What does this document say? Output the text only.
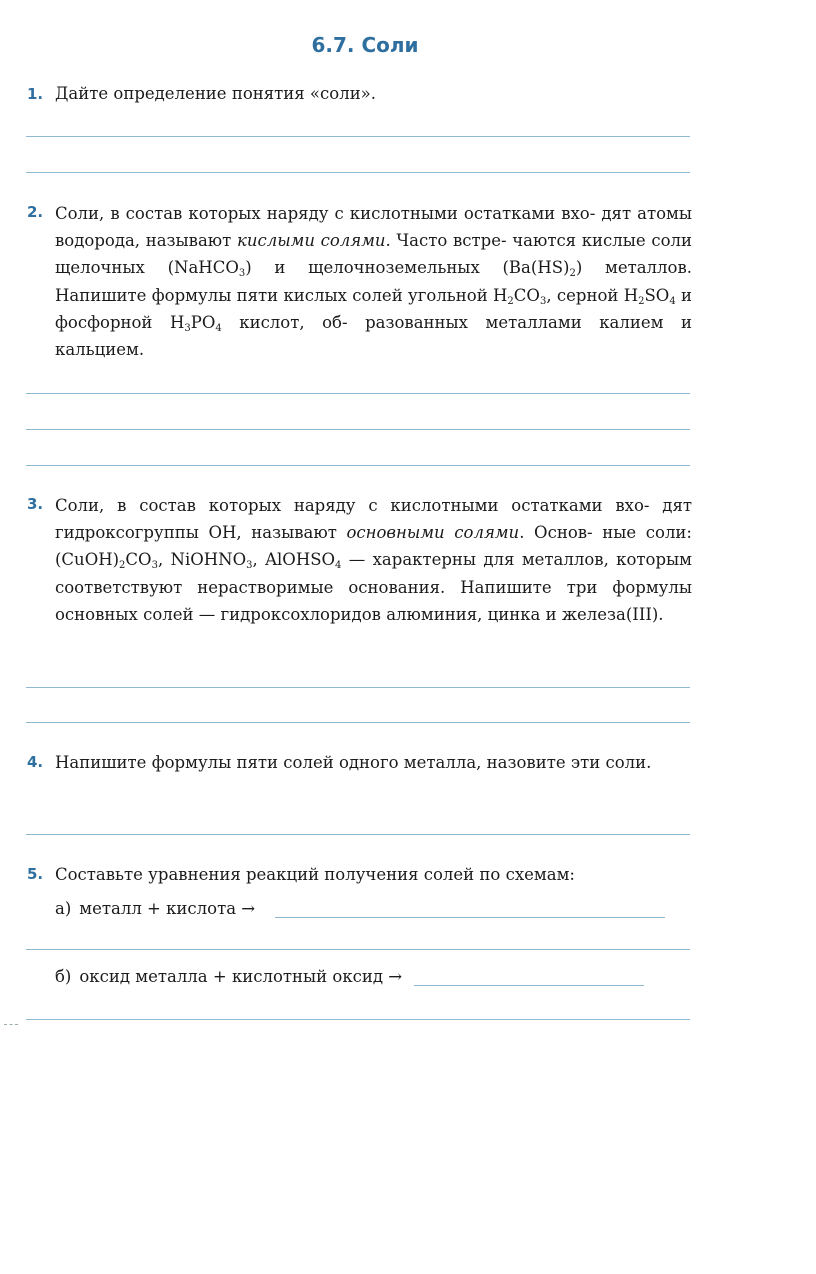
6.7. Соли
1. Дайте определение понятия «соли».
2. Соли, в состав которых наряду с кислотными остатками вхо- дят атомы водорода, называют кислыми солями. Часто встре- чаются кислые соли щелочных (NaHCO$_3$) и щелочноземельных $(Ba(HS)_2)$ металлов. Напишите формулы пяти кислых солей угольной $H_2CO_3$, серной $H_2SO_4$ и фосфорной $H_3PO_4$ кислот, об- разованных металлами калием и кальцием.
3. Соли, в состав которых наряду с кислотными остатками вхо- дят гидроксогруппы OH, называют основными солями. Основ- ные соли: $(CuOH)_2CO_3$, NiOHNO$_3$, AlOHSO$_4$ — характерны для металлов, которым соответствуют нерастворимые основания. Напишите три формулы основных солей — гидроксохлоридов алюминия, цинка и железа(III).
4. Напишите формулы пяти солей одного металла, назовите эти соли.
5. Составьте уравнения реакций получения солей по схемам:
а) металл + кислота →
б) оксид металла + кислотный оксид →
